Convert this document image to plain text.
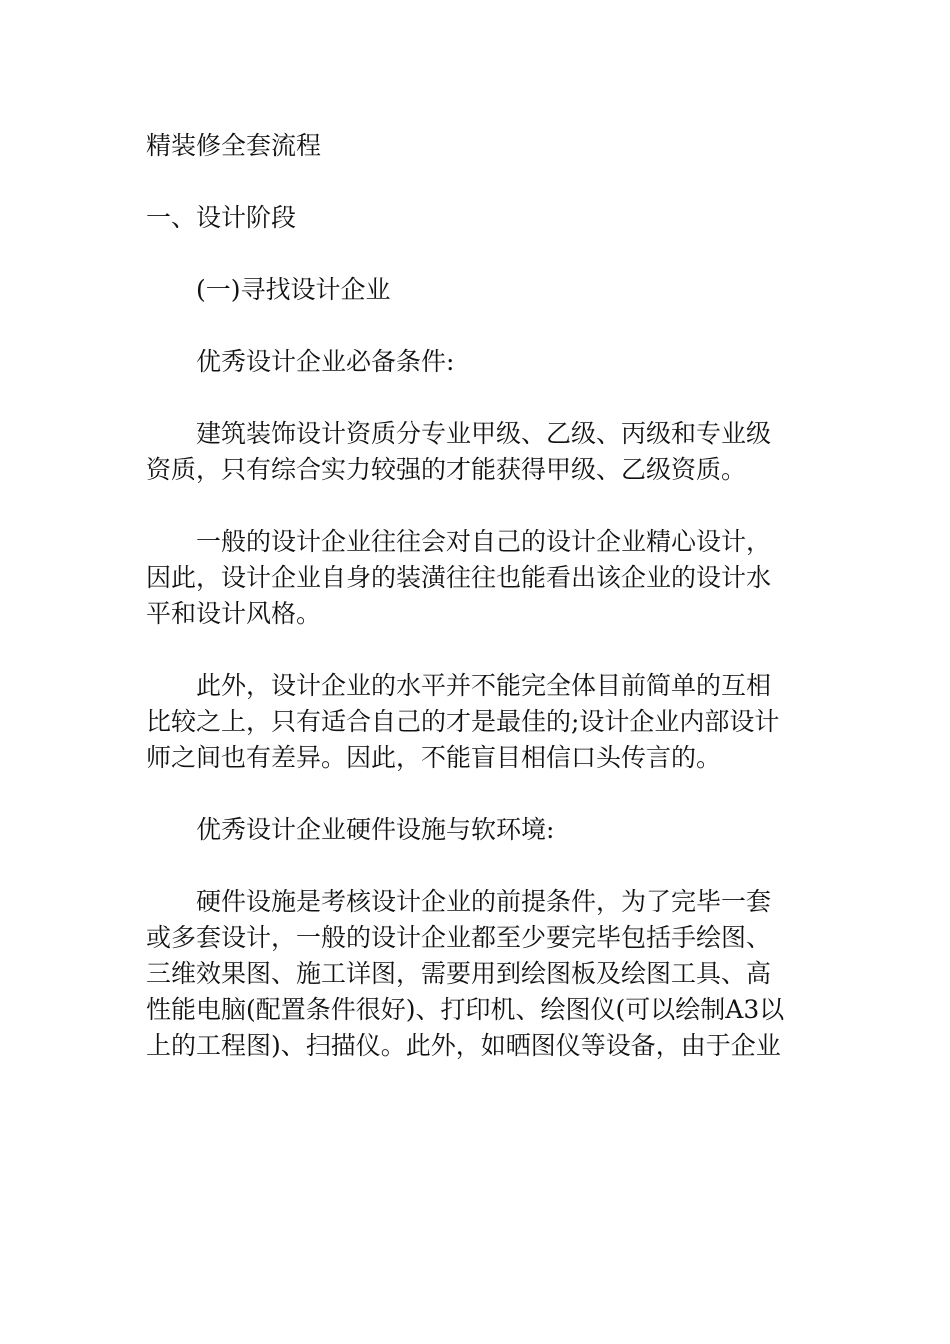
精装修全套流程

一、设计阶段

(一)寻找设计企业

优秀设计企业必备条件:

建筑装饰设计资质分专业甲级、乙级、丙级和专业级

资质，只有综合实力较强的才能获得甲级、乙级资质。

一般的设计企业往往会对自己的设计企业精心设计，

因此，设计企业自身的装潢往往也能看出该企业的设计水

平和设计风格。

此外，设计企业的水平并不能完全体目前简单的互相

比较之上，只有适合自己的才是最佳的;设计企业内部设计

师之间也有差异。因此，不能盲目相信口头传言的。

优秀设计企业硬件设施与软环境:

硬件设施是考核设计企业的前提条件，为了完毕一套

或多套设计，一般的设计企业都至少要完毕包括手绘图、

三维效果图、施工详图，需要用到绘图板及绘图工具、高

性能电脑(配置条件很好)、打印机、绘图仪(可以绘制A3以

上的工程图)、扫描仪。此外，如晒图仪等设备，由于企业
